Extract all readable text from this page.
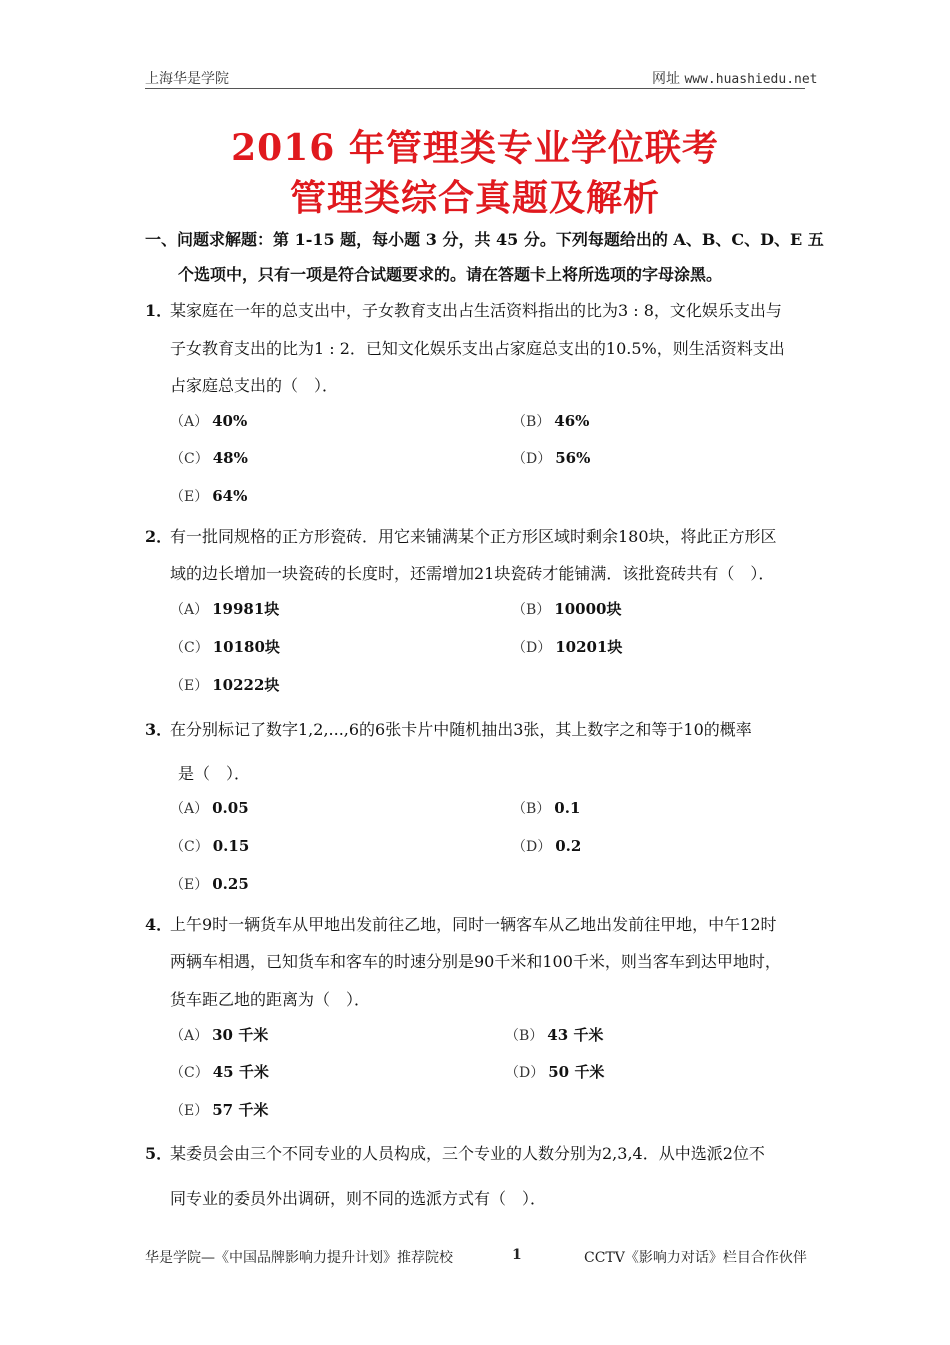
上海华是学院	网址 www.huashiedu.net
2016 年管理类专业学位联考
管理类综合真题及解析
一、问题求解题：第 1-15 题，每小题 3 分，共 45 分。下列每题给出的 A、B、C、D、E 五
个选项中，只有一项是符合试题要求的。请在答题卡上将所选项的字母涂黑。
1．
某家庭在一年的总支出中，子女教育支出占生活资料指出的比为3 : 8，文化娱乐支出与
子女教育支出的比为1 : 2．已知文化娱乐支出占家庭总支出的10.5%，则生活资料支出
占家庭总支出的（　）．
（A） 40%	（B） 46%
（C） 48%	（D） 56%
（E） 64%
2．
有一批同规格的正方形瓷砖．用它来铺满某个正方形区域时剩余180块，将此正方形区
域的边长增加一块瓷砖的长度时，还需增加21块瓷砖才能铺满．该批瓷砖共有（　）．
（A） 19981块	（B） 10000块
（C） 10180块	（D） 10201块
（E） 10222块
3．
在分别标记了数字1,2,...,6的6张卡片中随机抽出3张，其上数字之和等于10的概率
是（　）．
（A） 0.05	（B） 0.1
（C） 0.15	（D） 0.2
（E） 0.25
4．
上午9时一辆货车从甲地出发前往乙地，同时一辆客车从乙地出发前往甲地，中午12时
两辆车相遇，已知货车和客车的时速分别是90千米和100千米，则当客车到达甲地时，
货车距乙地的距离为（　）．
（A） 30 千米	（B） 43 千米
（C） 45 千米	（D） 50 千米
（E） 57 千米
5．
某委员会由三个不同专业的人员构成，三个专业的人数分别为2,3,4．从中选派2位不
同专业的委员外出调研，则不同的选派方式有（　）．
华是学院—《中国品牌影响力提升计划》推荐院校	1	CCTV《影响力对话》栏目合作伙伴
